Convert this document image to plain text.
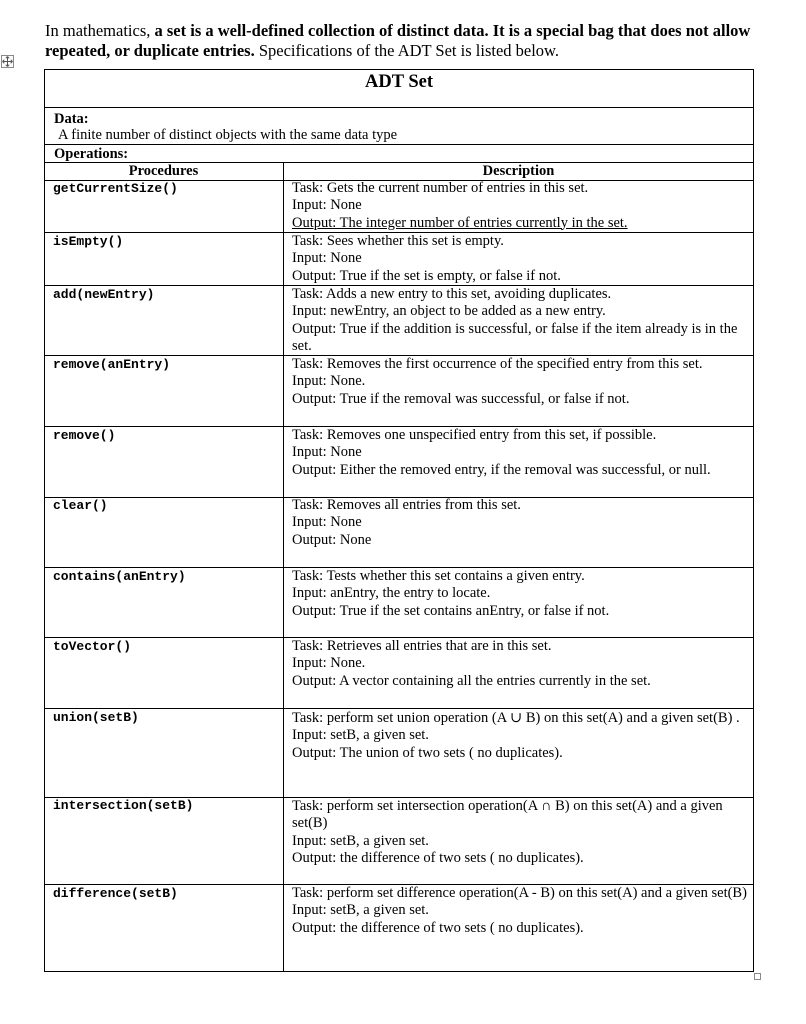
In mathematics, a set is a well-defined collection of distinct data. It is a special bag that does not allow repeated, or duplicate entries. Specifications of the ADT Set is listed below.
ADT Set
Data:
A finite number of distinct objects with the same data type
Operations:
Procedures	Description
getCurrentSize()	Task: Gets the current number of entries in this set.
Input: None
Output: The integer number of entries currently in the set.
isEmpty()	Task: Sees whether this set is empty.
Input: None
Output: True if the set is empty, or false if not.
add(newEntry)	Task: Adds a new entry to this set, avoiding duplicates.
Input: newEntry, an object to be added as a new entry.
Output: True if the addition is successful, or false if the item already is in the set.
remove(anEntry)	Task: Removes the first occurrence of the specified entry from this set.
Input: None.
Output: True if the removal was successful, or false if not.
remove()	Task: Removes one unspecified entry from this set, if possible.
Input: None
Output: Either the removed entry, if the removal was successful, or null.
clear()	Task: Removes all entries from this set.
Input: None
Output: None
contains(anEntry)	Task: Tests whether this set contains a given entry.
Input: anEntry, the entry to locate.
Output: True if the set contains anEntry, or false if not.
toVector()	Task: Retrieves all entries that are in this set.
Input: None.
Output: A vector containing all the entries currently in the set.
union(setB)	Task: perform set union operation (A ∪ B) on this set(A) and a given set(B) .
Input: setB, a given set.
Output: The union of two sets ( no duplicates).
intersection(setB)	Task: perform set intersection operation(A ∩ B) on this set(A) and a given set(B)
Input: setB, a given set.
Output: the difference of two sets ( no duplicates).
difference(setB)	Task: perform set difference operation(A - B) on this set(A) and a given set(B)
Input: setB, a given set.
Output: the difference of two sets ( no duplicates).
